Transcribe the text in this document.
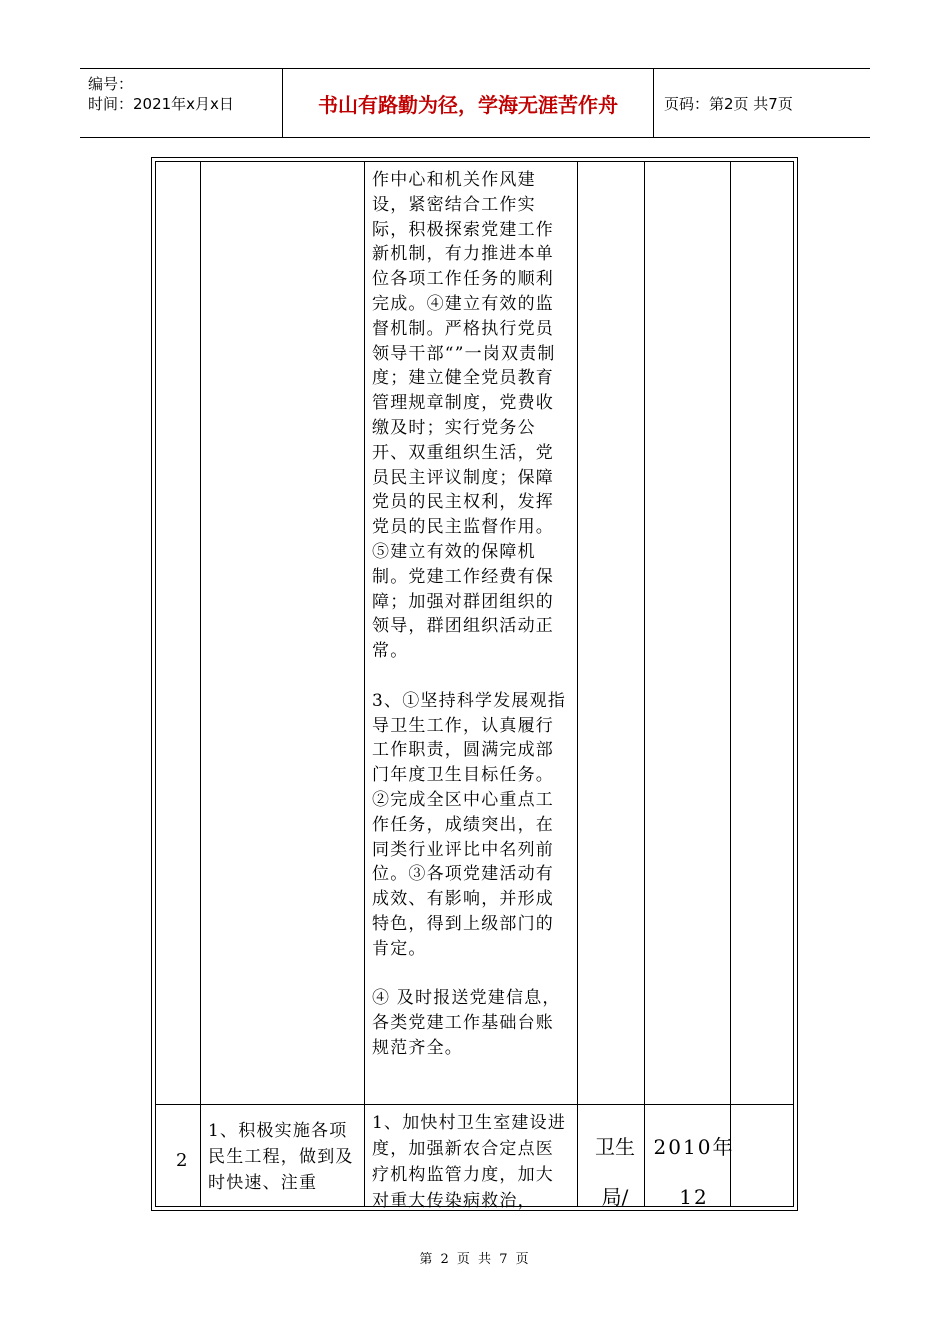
编号：
时间：2021年x月x日	书山有路勤为径，学海无涯苦作舟	页码：第2页 共7页

作中心和机关作风建设，紧密结合工作实际，积极探索党建工作新机制，有力推进本单位各项工作任务的顺利完成。④建立有效的监督机制。严格执行党员领导干部“”一岗双责制度；建立健全党员教育管理规章制度，党费收缴及时；实行党务公开、双重组织生活，党员民主评议制度；保障党员的民主权利，发挥党员的民主监督作用。⑤建立有效的保障机制。党建工作经费有保障；加强对群团组织的领导，群团组织活动正常。

3、①坚持科学发展观指导卫生工作，认真履行工作职责，圆满完成部门年度卫生目标任务。②完成全区中心重点工作任务，成绩突出，在同类行业评比中名列前位。③各项党建活动有成效、有影响，并形成特色，得到上级部门的肯定。

④ 及时报送党建信息，各类党建工作基础台账规范齐全。

2
1、积极实施各项民生工程，做到及时快速、注重
1、加快村卫生室建设进度，加强新农合定点医疗机构监管力度，加大对重大传染病救治，
卫生局/
2010年12
第 2 页 共 7 页
